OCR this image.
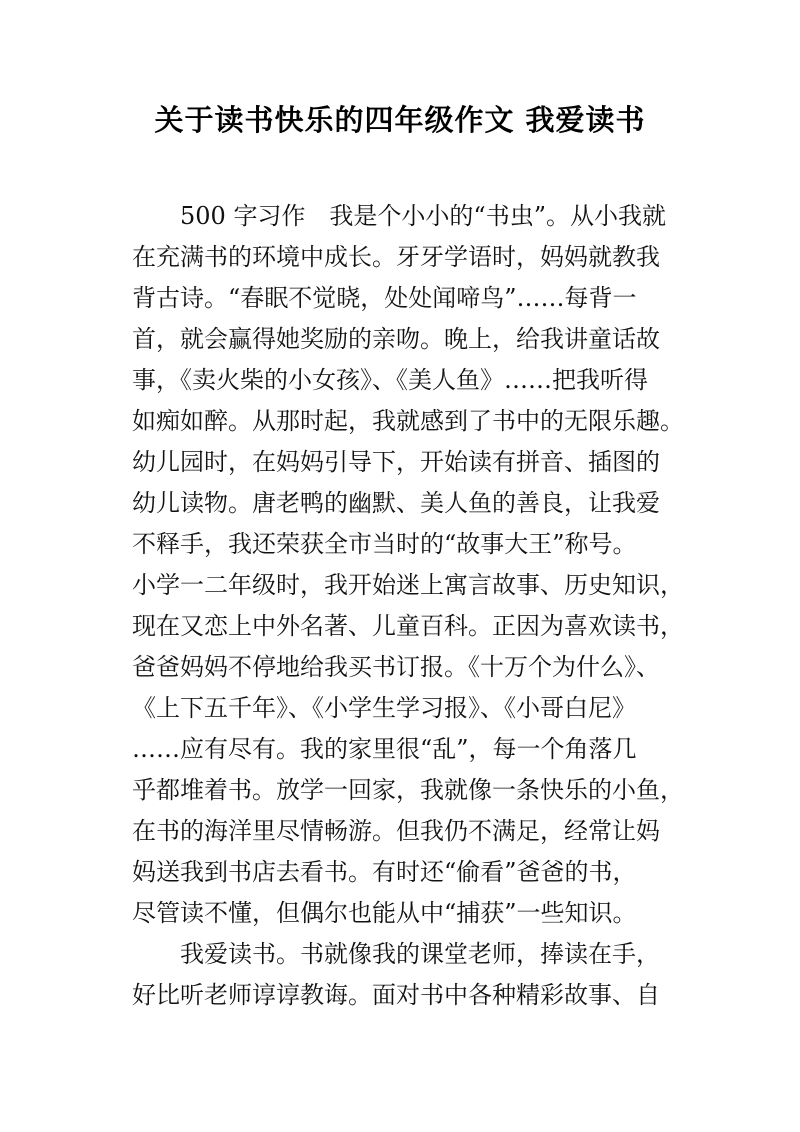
关于读书快乐的四年级作文 我爱读书
500 字习作　我是个小小的“书虫”。从小我就
在充满书的环境中成长。牙牙学语时，妈妈就教我
背古诗。“春眠不觉晓，处处闻啼鸟”……每背一
首，就会赢得她奖励的亲吻。晚上，给我讲童话故
事，《卖火柴的小女孩》、《美人鱼》……把我听得
如痴如醉。从那时起，我就感到了书中的无限乐趣。
幼儿园时，在妈妈引导下，开始读有拼音、插图的
幼儿读物。唐老鸭的幽默、美人鱼的善良，让我爱
不释手，我还荣获全市当时的“故事大王”称号。
小学一二年级时，我开始迷上寓言故事、历史知识，
现在又恋上中外名著、儿童百科。正因为喜欢读书，
爸爸妈妈不停地给我买书订报。《十万个为什么》、
《上下五千年》、《小学生学习报》、《小哥白尼》
……应有尽有。我的家里很“乱”，每一个角落几
乎都堆着书。放学一回家，我就像一条快乐的小鱼，
在书的海洋里尽情畅游。但我仍不满足，经常让妈
妈送我到书店去看书。有时还“偷看”爸爸的书，
尽管读不懂，但偶尔也能从中“捕获”一些知识。
我爱读书。书就像我的课堂老师，捧读在手，
好比听老师谆谆教诲。面对书中各种精彩故事、自
